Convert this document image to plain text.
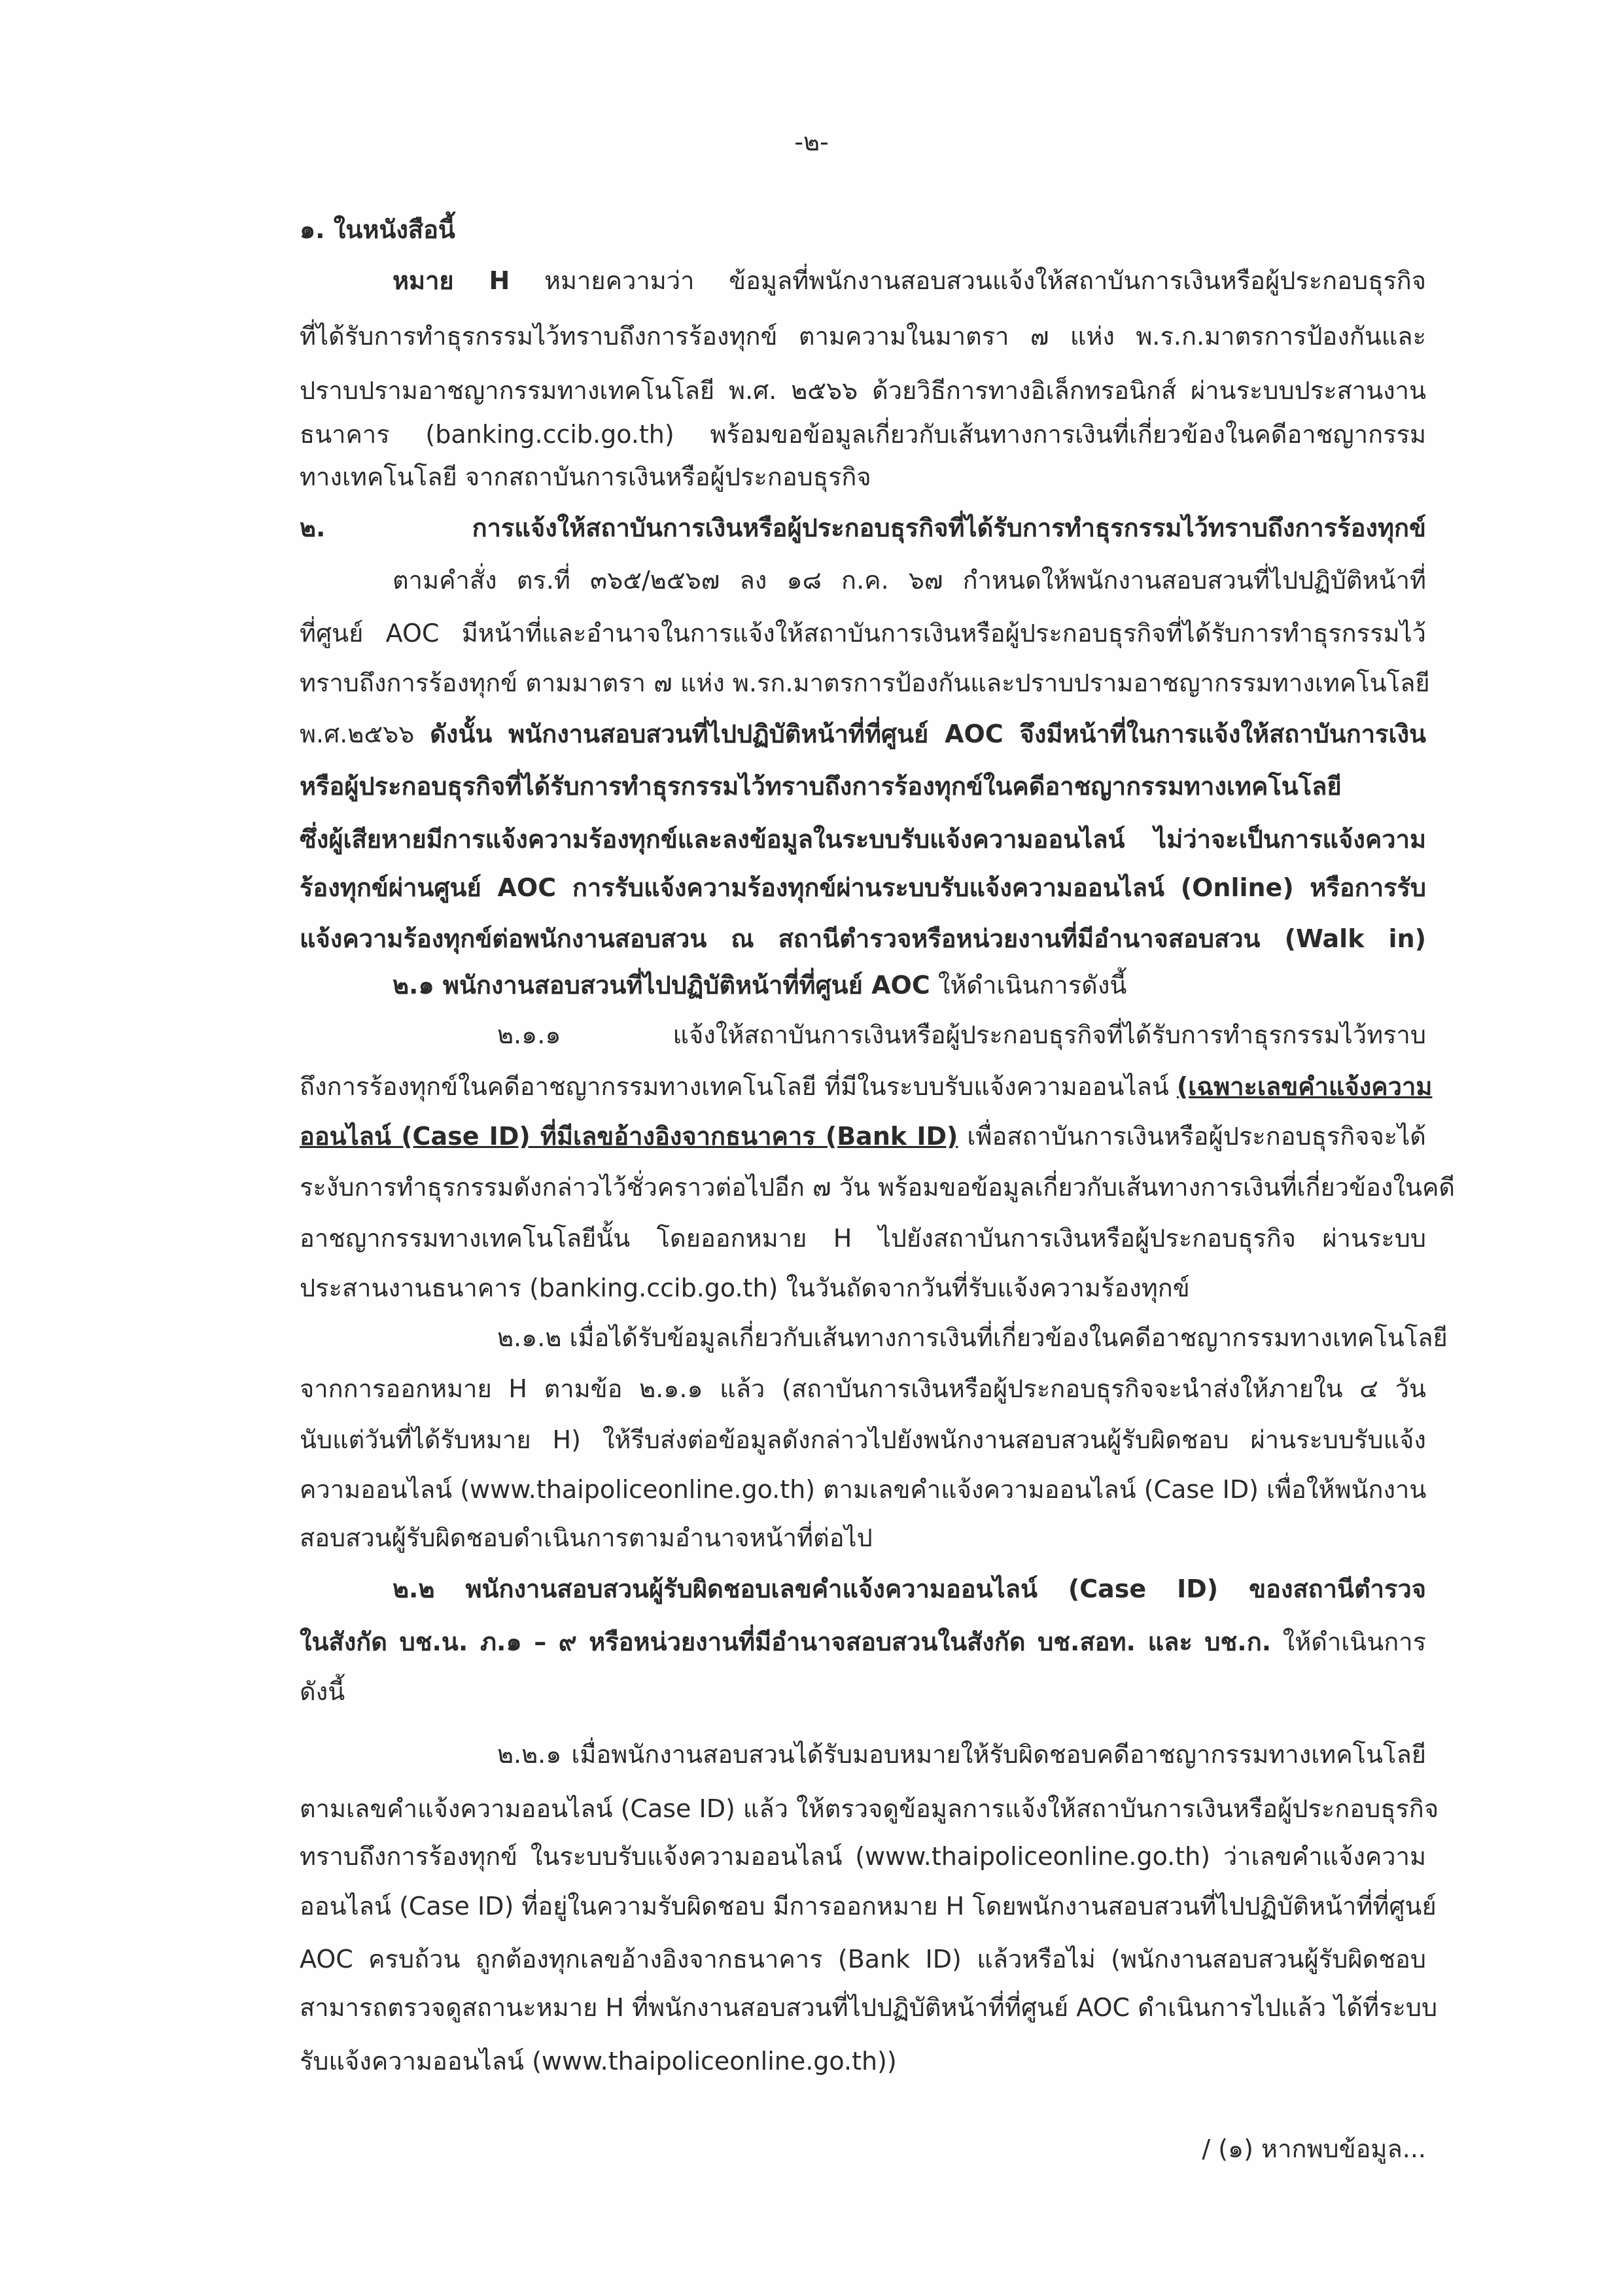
-๒-
๑. ในหนังสือนี้
หมาย H หมายความว่า ข้อมูลที่พนักงานสอบสวนแจ้งให้สถาบันการเงินหรือผู้ประกอบธุรกิจ
ที่ได้รับการทำธุรกรรมไว้ทราบถึงการร้องทุกข์ ตามความในมาตรา ๗ แห่ง พ.ร.ก.มาตรการป้องกันและ
ปราบปรามอาชญากรรมทางเทคโนโลยี พ.ศ. ๒๕๖๖ ด้วยวิธีการทางอิเล็กทรอนิกส์ ผ่านระบบประสานงาน
ธนาคาร (banking.ccib.go.th) พร้อมขอข้อมูลเกี่ยวกับเส้นทางการเงินที่เกี่ยวข้องในคดีอาชญากรรม
ทางเทคโนโลยี จากสถาบันการเงินหรือผู้ประกอบธุรกิจ
๒. การแจ้งให้สถาบันการเงินหรือผู้ประกอบธุรกิจที่ได้รับการทำธุรกรรมไว้ทราบถึงการร้องทุกข์
ตามคำสั่ง ตร.ที่ ๓๖๕/๒๕๖๗ ลง ๑๘ ก.ค. ๖๗ กำหนดให้พนักงานสอบสวนที่ไปปฏิบัติหน้าที่
ที่ศูนย์ AOC มีหน้าที่และอำนาจในการแจ้งให้สถาบันการเงินหรือผู้ประกอบธุรกิจที่ได้รับการทำธุรกรรมไว้
ทราบถึงการร้องทุกข์ ตามมาตรา ๗ แห่ง พ.รก.มาตรการป้องกันและปราบปรามอาชญากรรมทางเทคโนโลยี
พ.ศ.๒๕๖๖ ดังนั้น พนักงานสอบสวนที่ไปปฏิบัติหน้าที่ที่ศูนย์ AOC จึงมีหน้าที่ในการแจ้งให้สถาบันการเงิน
หรือผู้ประกอบธุรกิจที่ได้รับการทำธุรกรรมไว้ทราบถึงการร้องทุกข์ในคดีอาชญากรรมทางเทคโนโลยี
ซึ่งผู้เสียหายมีการแจ้งความร้องทุกข์และลงข้อมูลในระบบรับแจ้งความออนไลน์ ไม่ว่าจะเป็นการแจ้งความ
ร้องทุกข์ผ่านศูนย์ AOC การรับแจ้งความร้องทุกข์ผ่านระบบรับแจ้งความออนไลน์ (Online) หรือการรับ
แจ้งความร้องทุกข์ต่อพนักงานสอบสวน ณ สถานีตำรวจหรือหน่วยงานที่มีอำนาจสอบสวน (Walk in)
๒.๑ พนักงานสอบสวนที่ไปปฏิบัติหน้าที่ที่ศูนย์ AOC ให้ดำเนินการดังนี้
๒.๑.๑ แจ้งให้สถาบันการเงินหรือผู้ประกอบธุรกิจที่ได้รับการทำธุรกรรมไว้ทราบ
ถึงการร้องทุกข์ในคดีอาชญากรรมทางเทคโนโลยี ที่มีในระบบรับแจ้งความออนไลน์ (เฉพาะเลขคำแจ้งความ
ออนไลน์ (Case ID) ที่มีเลขอ้างอิงจากธนาคาร (Bank ID) เพื่อสถาบันการเงินหรือผู้ประกอบธุรกิจจะได้
ระงับการทำธุรกรรมดังกล่าวไว้ชั่วคราวต่อไปอีก ๗ วัน พร้อมขอข้อมูลเกี่ยวกับเส้นทางการเงินที่เกี่ยวข้องในคดี
อาชญากรรมทางเทคโนโลยีนั้น โดยออกหมาย H ไปยังสถาบันการเงินหรือผู้ประกอบธุรกิจ ผ่านระบบ
ประสานงานธนาคาร (banking.ccib.go.th) ในวันถัดจากวันที่รับแจ้งความร้องทุกข์
๒.๑.๒ เมื่อได้รับข้อมูลเกี่ยวกับเส้นทางการเงินที่เกี่ยวข้องในคดีอาชญากรรมทางเทคโนโลยี
จากการออกหมาย H ตามข้อ ๒.๑.๑ แล้ว (สถาบันการเงินหรือผู้ประกอบธุรกิจจะนำส่งให้ภายใน ๔ วัน
นับแต่วันที่ได้รับหมาย H) ให้รีบส่งต่อข้อมูลดังกล่าวไปยังพนักงานสอบสวนผู้รับผิดชอบ ผ่านระบบรับแจ้ง
ความออนไลน์ (www.thaipoliceonline.go.th) ตามเลขคำแจ้งความออนไลน์ (Case ID) เพื่อให้พนักงาน
สอบสวนผู้รับผิดชอบดำเนินการตามอำนาจหน้าที่ต่อไป
๒.๒ พนักงานสอบสวนผู้รับผิดชอบเลขคำแจ้งความออนไลน์ (Case ID) ของสถานีตำรวจ
ในสังกัด บช.น. ภ.๑ – ๙ หรือหน่วยงานที่มีอำนาจสอบสวนในสังกัด บช.สอท. และ บช.ก. ให้ดำเนินการ
ดังนี้
๒.๒.๑ เมื่อพนักงานสอบสวนได้รับมอบหมายให้รับผิดชอบคดีอาชญากรรมทางเทคโนโลยี
ตามเลขคำแจ้งความออนไลน์ (Case ID) แล้ว ให้ตรวจดูข้อมูลการแจ้งให้สถาบันการเงินหรือผู้ประกอบธุรกิจ
ทราบถึงการร้องทุกข์ ในระบบรับแจ้งความออนไลน์ (www.thaipoliceonline.go.th) ว่าเลขคำแจ้งความ
ออนไลน์ (Case ID) ที่อยู่ในความรับผิดชอบ มีการออกหมาย H โดยพนักงานสอบสวนที่ไปปฏิบัติหน้าที่ที่ศูนย์
AOC ครบถ้วน ถูกต้องทุกเลขอ้างอิงจากธนาคาร (Bank ID) แล้วหรือไม่ (พนักงานสอบสวนผู้รับผิดชอบ
สามารถตรวจดูสถานะหมาย H ที่พนักงานสอบสวนที่ไปปฏิบัติหน้าที่ที่ศูนย์ AOC ดำเนินการไปแล้ว ได้ที่ระบบ
รับแจ้งความออนไลน์ (www.thaipoliceonline.go.th))
/ (๑) หากพบข้อมูล...
